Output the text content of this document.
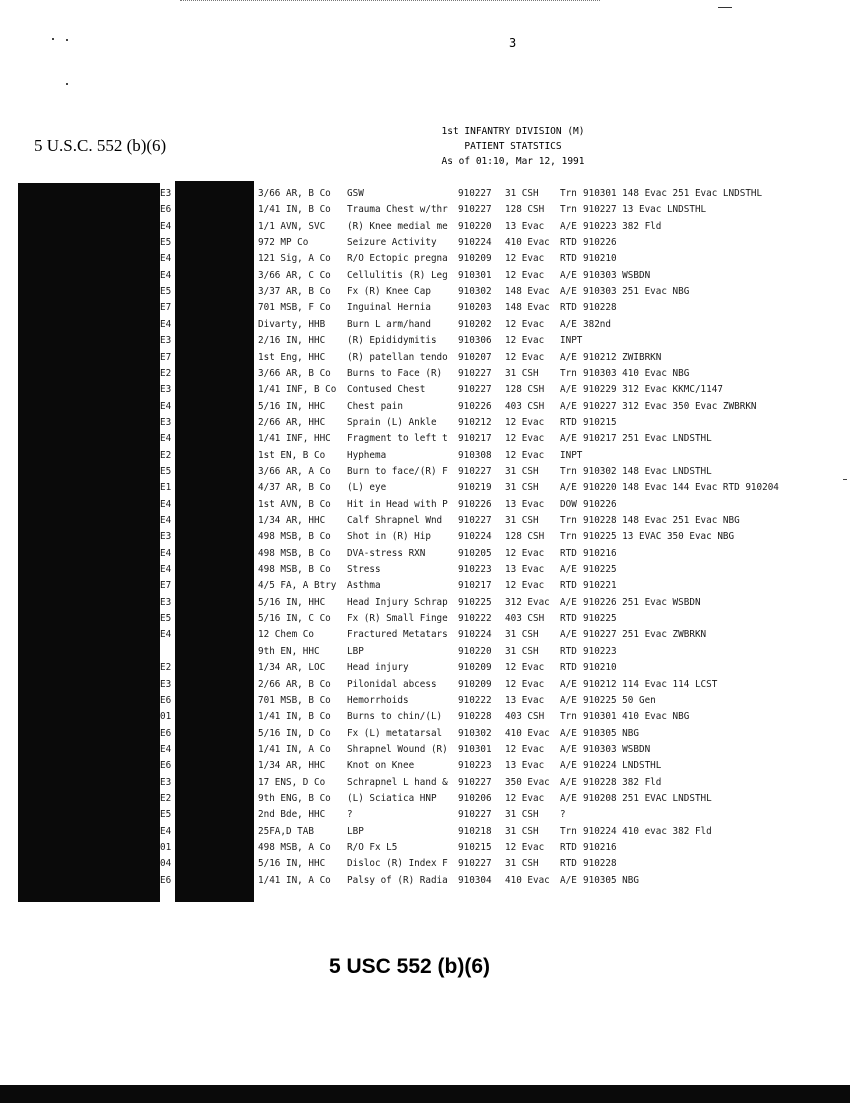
3
5 U.S.C. 552 (b)(6)
1st INFANTRY DIVISION (M)
PATIENT STATSTICS
As of 01:10, Mar 12, 1991
E3	3/66 AR, B Co GSW	910227 31 CSH Trn 910301 148 Evac 251 Evac LNDSTHL
E6	1/41 IN, B Co Trauma Chest w/thr	910227 128 CSH Trn 910227 13 Evac LNDSTHL
E4	1/1 AVN, SVC (R) Knee medial me	910220 13 Evac A/E 910223 382 Fld
E5	972 MP Co	Seizure Activity	910224 410 Evac RTD 910226
E4	121 Sig, A Co R/O Ectopic pregna	910209 12 Evac RTD 910210
E4	3/66 AR, C Co Cellulitis (R) Leg	910301 12 Evac A/E 910303 WSBDN
E5	3/37 AR, B Co Fx (R) Knee Cap	910302 148 Evac A/E 910303 251 Evac NBG
E7	701 MSB, F Co Inguinal Hernia	910203 148 Evac RTD 910228
E4	Divarty, HHB Burn L arm/hand	910202 12 Evac A/E 382nd
E3	2/16 IN, HHC (R) Epididymitis	910306 12 Evac INPT
E7	1st Eng, HHC (R) patellan tendo	910207 12 Evac A/E 910212 ZWIBRKN
E2	3/66 AR, B Co Burns to Face (R)	910227 31 CSH Trn 910303 410 Evac NBG
E3	1/41 INF, B Co Contused Chest	910227 128 CSH A/E 910229 312 Evac KKMC/1147
E4	5/16 IN, HHC Chest pain	910226 403 CSH A/E 910227 312 Evac 350 Evac ZWBRKN
E3	2/66 AR, HHC Sprain (L) Ankle	910212 12 Evac RTD 910215
E4	1/41 INF, HHC Fragment to left t	910217 12 Evac A/E 910217 251 Evac LNDSTHL
E2	1st EN, B Co Hyphema	910308 12 Evac INPT
E5	3/66 AR, A Co Burn to face/(R) F	910227 31 CSH Trn 910302 148 Evac LNDSTHL
E1	4/37 AR, B Co (L) eye	910219 31 CSH A/E 910220 148 Evac 144 Evac RTD 910204
E4	1st AVN, B Co Hit in Head with P	910226 13 Evac DOW 910226
E4	1/34 AR, HHC Calf Shrapnel Wnd	910227 31 CSH Trn 910228 148 Evac 251 Evac NBG
E3	498 MSB, B Co Shot in (R) Hip	910224 128 CSH Trn 910225 13 EVAC 350 Evac NBG
E4	498 MSB, B Co DVA-stress RXN	910205 12 Evac RTD 910216
E4	498 MSB, B Co Stress	910223 13 Evac A/E 910225
E7	4/5 FA, A Btry Asthma	910217 12 Evac RTD 910221
E3	5/16 IN, HHC Head Injury Schrap	910225 312 Evac A/E 910226 251 Evac WSBDN
E5	5/16 IN, C Co Fx (R) Small Finge	910222 403 CSH RTD 910225
E4	12 Chem Co	Fractured Metatars	910224 31 CSH A/E 910227 251 Evac ZWBRKN
9th EN, HHC	LBP	910220 31 CSH RTD 910223
E2	1/34 AR, LOC Head injury	910209 12 Evac RTD 910210
E3	2/66 AR, B Co Pilonidal abcess	910209 12 Evac A/E 910212 114 Evac 114 LCST
E6	701 MSB, B Co Hemorrhoids	910222 13 Evac A/E 910225 50 Gen
01	1/41 IN, B Co Burns to chin/(L)	910228 403 CSH Trn 910301 410 Evac NBG
E6	5/16 IN, D Co Fx (L) metatarsal	910302 410 Evac A/E 910305 NBG
E4	1/41 IN, A Co Shrapnel Wound (R)	910301 12 Evac A/E 910303 WSBDN
E6	1/34 AR, HHC Knot on Knee	910223 13 Evac A/E 910224 LNDSTHL
E3	17 ENS, D Co Schrapnel L hand &	910227 350 Evac A/E 910228 382 Fld
E2	9th ENG, B Co (L) Sciatica HNP	910206 12 Evac A/E 910208 251 EVAC LNDSTHL
E5	2nd Bde, HHC ?	910227 31 CSH ?
E4	25FA,D TAB	LBP	910218 31 CSH Trn 910224 410 evac 382 Fld
01	498 MSB, A Co R/O Fx L5	910215 12 Evac RTD 910216
04	5/16 IN, HHC Disloc (R) Index F	910227 31 CSH RTD 910228
E6	1/41 IN, A Co Palsy of (R) Radia	910304 410 Evac A/E 910305 NBG
5 USC 552 (b)(6)
